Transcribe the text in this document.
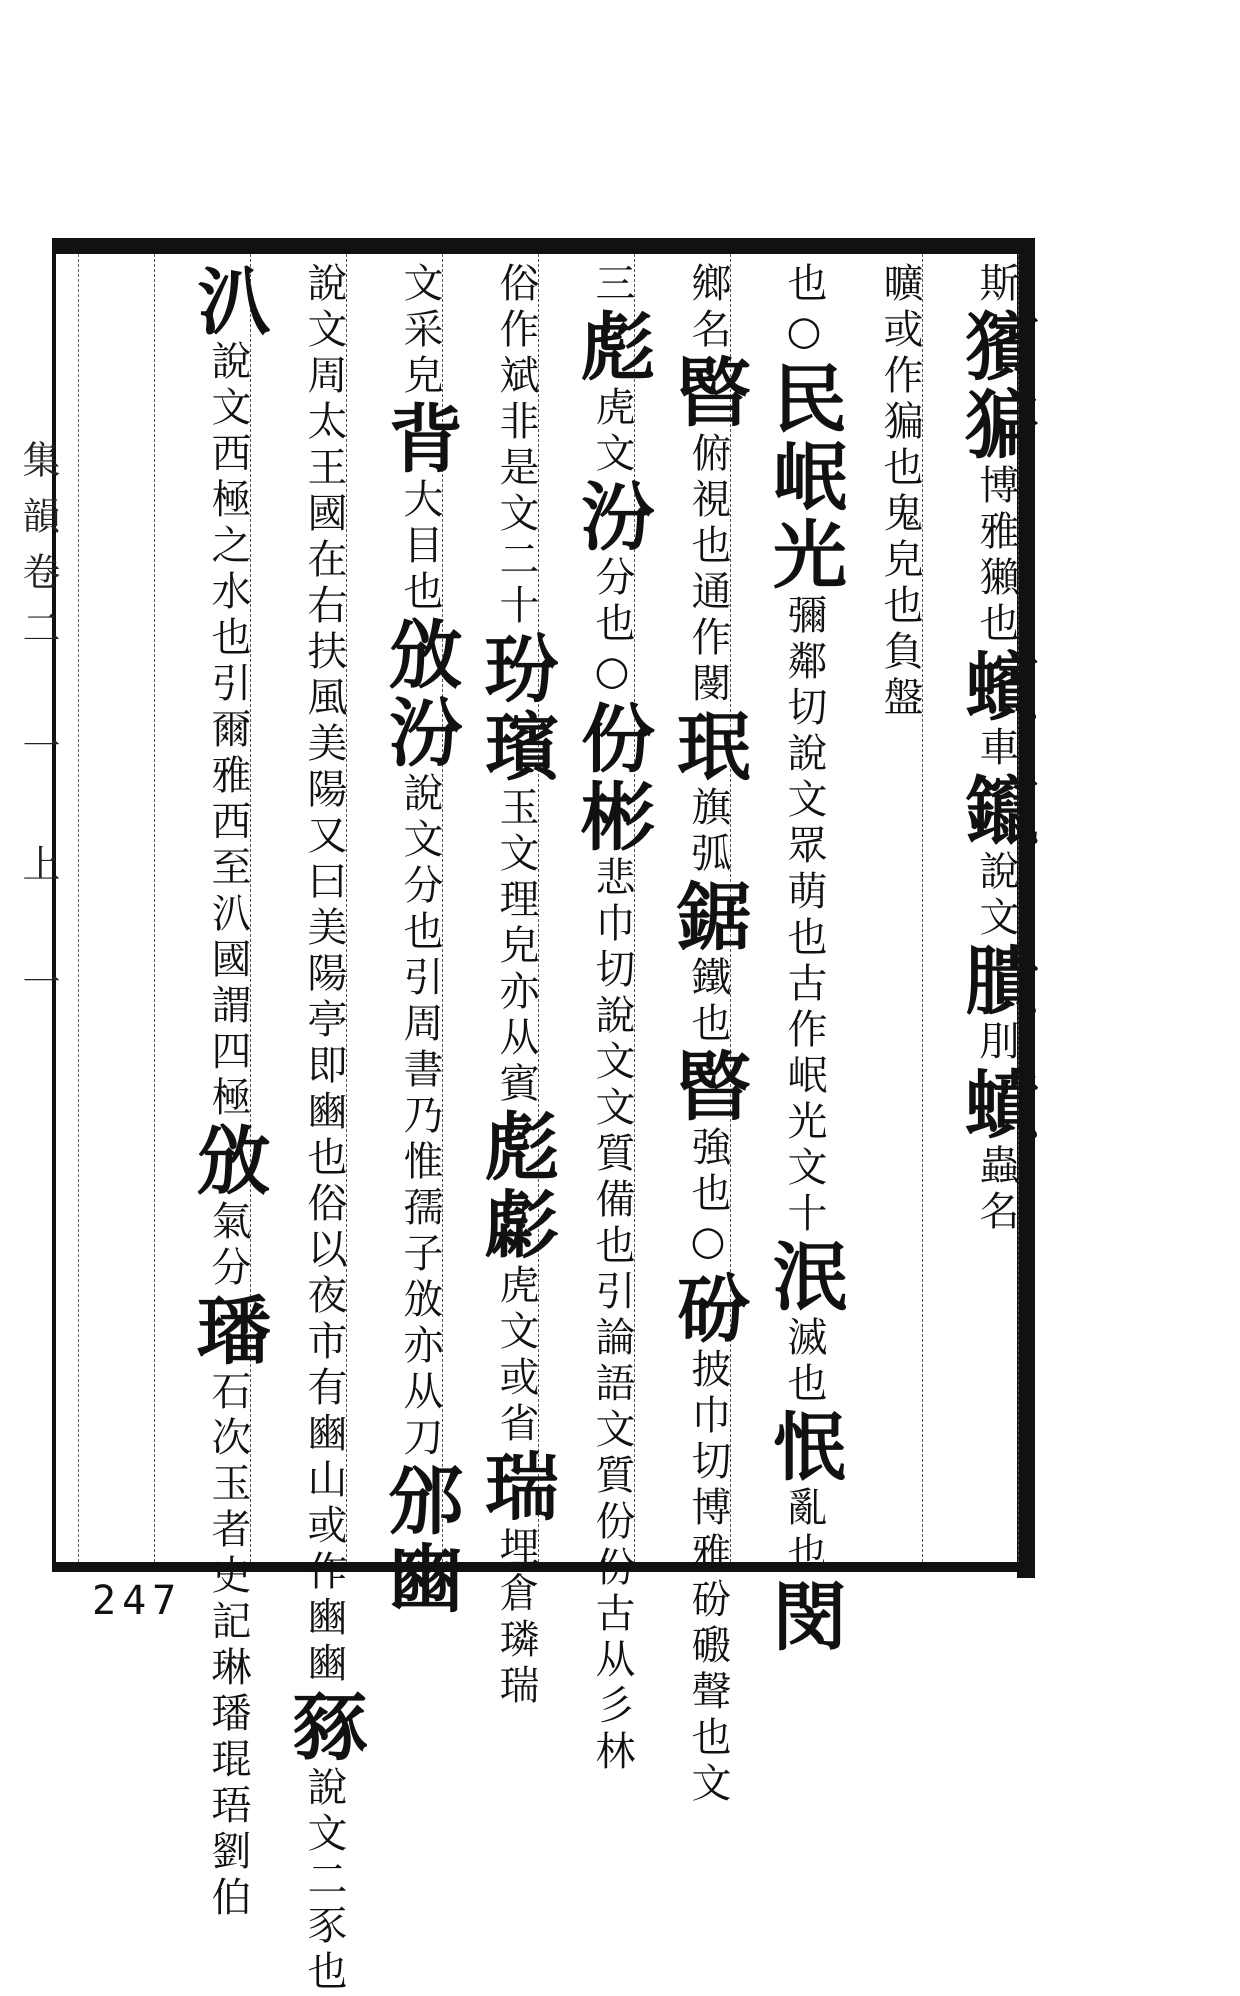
集韻卷二 一 上 一
斯獱猵博雅獺也蠙車鑹說文膭刖蟦蟲名
曠或作猵也鬼皃也負盤
也○民岷光彌鄰切說文眾萌也古作岷光文十泯滅也怋亂也閔
鄉名暋俯視也通作閿珉旗弧鋸鐵也暋強也○砏披巾切博雅砏磤聲也文
三彪虎文汾分也○份彬悲巾切說文文質備也引論語文質份份古从彡林
俗作斌非是文二十玢璸玉文理皃亦从賓彪虨虎文或省瑞埋倉璘瑞
文采皃背大目也攽汾說文分也引周書乃惟孺子攽亦从刀邠豳
說文周太王國在右扶風美陽又曰美陽亭即豳也俗以夜市有豳山或作豳豳豩說文二豕也
汃說文西極之水也引爾雅西至汃國謂四極攽氣分璠石次玉者史記琳璠琨珸劉伯
247
